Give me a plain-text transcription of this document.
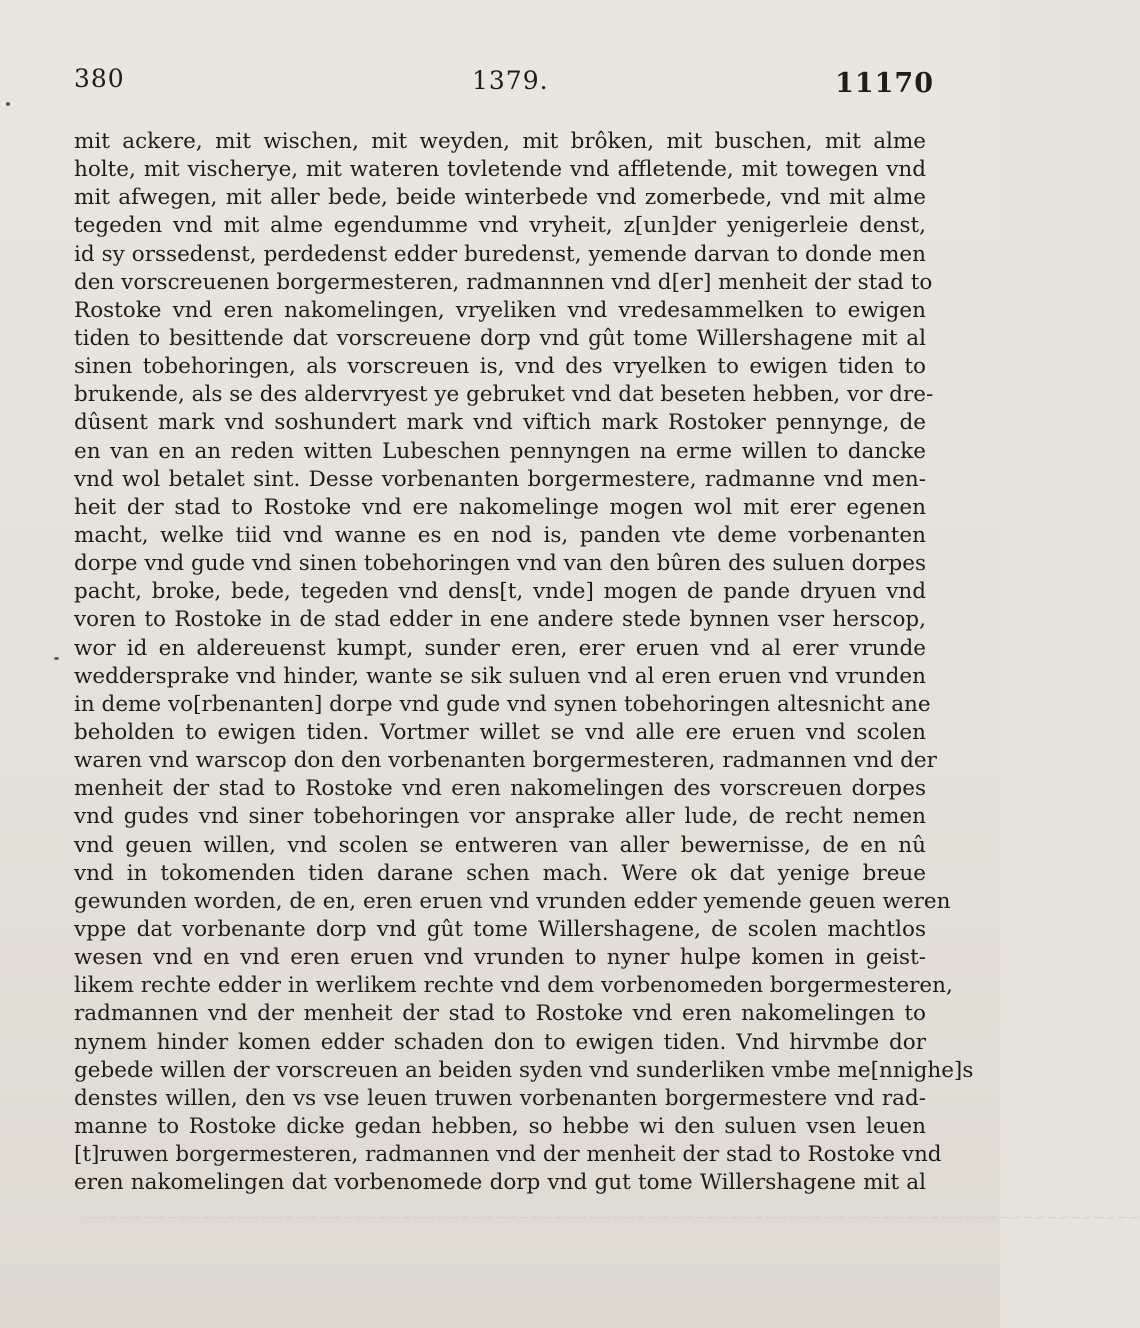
380	1379.	11170
mit ackere, mit wischen, mit weyden, mit brôken, mit buschen, mit alme
holte, mit vischerye, mit wateren tovletende vnd affletende, mit towegen vnd
mit afwegen, mit aller bede, beide winterbede vnd zomerbede, vnd mit alme
tegeden vnd mit alme egendumme vnd vryheit, z[un]der yenigerleie denst,
id sy orssedenst, perdedenst edder buredenst, yemende darvan to donde men
den vorscreuenen borgermesteren, radmannnen vnd d[er] menheit der stad to
Rostoke vnd eren nakomelingen, vryeliken vnd vredesammelken to ewigen
tiden to besittende dat vorscreuene dorp vnd gût tome Willershagene mit al
sinen tobehoringen, als vorscreuen is, vnd des vryelken to ewigen tiden to
brukende, als se des aldervryest ye gebruket vnd dat beseten hebben, vor dre-
dûsent mark vnd soshundert mark vnd viftich mark Rostoker pennynge, de
en van en an reden witten Lubeschen pennyngen na erme willen to dancke
vnd wol betalet sint. Desse vorbenanten borgermestere, radmanne vnd men-
heit der stad to Rostoke vnd ere nakomelinge mogen wol mit erer egenen
macht, welke tiid vnd wanne es en nod is, panden vte deme vorbenanten
dorpe vnd gude vnd sinen tobehoringen vnd van den bûren des suluen dorpes
pacht, broke, bede, tegeden vnd dens[t, vnde] mogen de pande dryuen vnd
voren to Rostoke in de stad edder in ene andere stede bynnen vser herscop,
wor id en aldereuenst kumpt, sunder eren, erer eruen vnd al erer vrunde
weddersprake vnd hinder, wante se sik suluen vnd al eren eruen vnd vrunden
in deme vo[rbenanten] dorpe vnd gude vnd synen tobehoringen altesnicht ane
beholden to ewigen tiden. Vortmer willet se vnd alle ere eruen vnd scolen
waren vnd warscop don den vorbenanten borgermesteren, radmannen vnd der
menheit der stad to Rostoke vnd eren nakomelingen des vorscreuen dorpes
vnd gudes vnd siner tobehoringen vor ansprake aller lude, de recht nemen
vnd geuen willen, vnd scolen se entweren van aller bewernisse, de en nû
vnd in tokomenden tiden darane schen mach. Were ok dat yenige breue
gewunden worden, de en, eren eruen vnd vrunden edder yemende geuen weren
vppe dat vorbenante dorp vnd gût tome Willershagene, de scolen machtlos
wesen vnd en vnd eren eruen vnd vrunden to nyner hulpe komen in geist-
likem rechte edder in werlikem rechte vnd dem vorbenomeden borgermesteren,
radmannen vnd der menheit der stad to Rostoke vnd eren nakomelingen to
nynem hinder komen edder schaden don to ewigen tiden. Vnd hirvmbe dor
gebede willen der vorscreuen an beiden syden vnd sunderliken vmbe me[nnighe]s
denstes willen, den vs vse leuen truwen vorbenanten borgermestere vnd rad-
manne to Rostoke dicke gedan hebben, so hebbe wi den suluen vsen leuen
[t]ruwen borgermesteren, radmannen vnd der menheit der stad to Rostoke vnd
eren nakomelingen dat vorbenomede dorp vnd gut tome Willershagene mit al
~~~~~~~~~~~~~~~~~~~~~~~~~~~~~~~~~~~~~~~~~~~~~~~~~~~~~~~~~~~~~~~~~~~~~~~~~~~~~~~~~~~~~~~~~~
